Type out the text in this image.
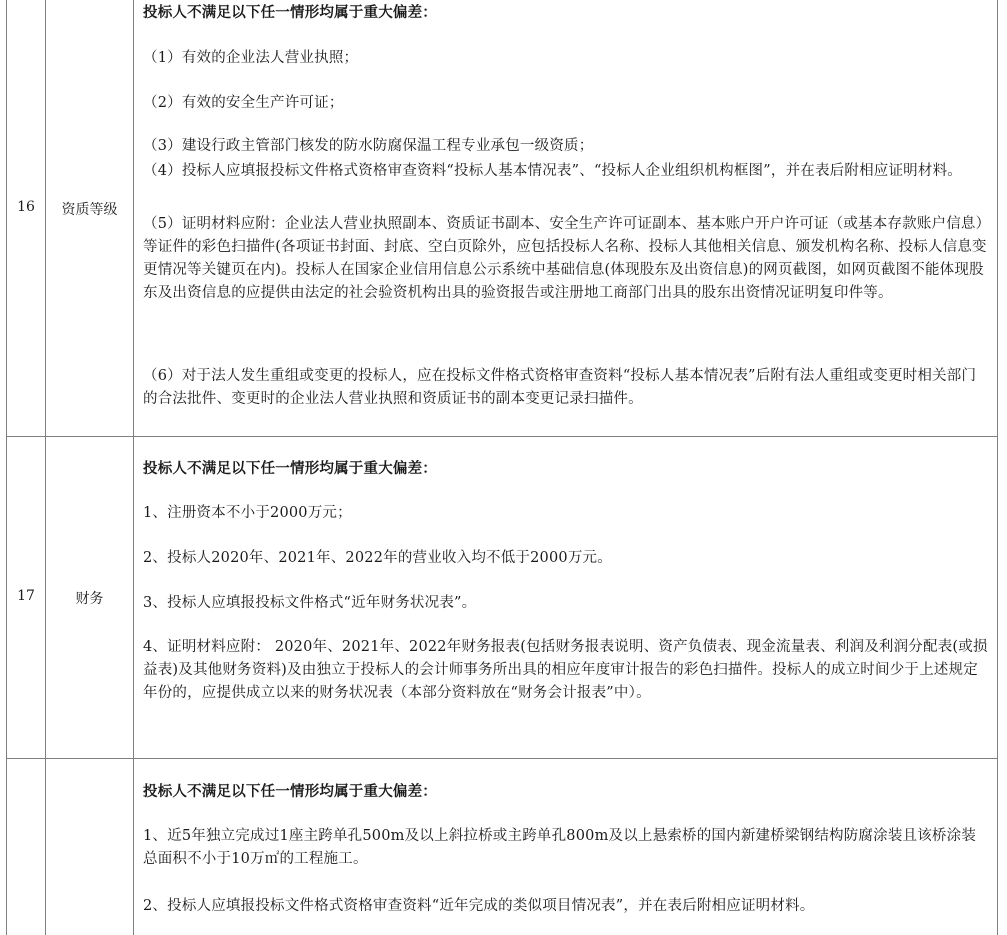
16	资质等级

投标人不满足以下任一情形均属于重大偏差：

（1）有效的企业法人营业执照；

（2）有效的安全生产许可证；

（3）建设行政主管部门核发的防水防腐保温工程专业承包一级资质；

（4）投标人应填报投标文件格式资格审查资料“投标人基本情况表”、“投标人企业组织机构框图”，并在表后附相应证明材料。

（5）证明材料应附：企业法人营业执照副本、资质证书副本、安全生产许可证副本、基本账户开户许可证（或基本存款账户信息）等证件的彩色扫描件(各项证书封面、封底、空白页除外，应包括投标人名称、投标人其他相关信息、颁发机构名称、投标人信息变更情况等关键页在内)。投标人在国家企业信用信息公示系统中基础信息(体现股东及出资信息)的网页截图，如网页截图不能体现股东及出资信息的应提供由法定的社会验资机构出具的验资报告或注册地工商部门出具的股东出资情况证明复印件等。

（6）对于法人发生重组或变更的投标人，应在投标文件格式资格审查资料“投标人基本情况表”后附有法人重组或变更时相关部门的合法批件、变更时的企业法人营业执照和资质证书的副本变更记录扫描件。

17	财务

投标人不满足以下任一情形均属于重大偏差：

1、注册资本不小于2000万元；

2、投标人2020年、2021年、2022年的营业收入均不低于2000万元。

3、投标人应填报投标文件格式“近年财务状况表”。

4、证明材料应附： 2020年、2021年、2022年财务报表(包括财务报表说明、资产负债表、现金流量表、利润及利润分配表(或损益表)及其他财务资料)及由独立于投标人的会计师事务所出具的相应年度审计报告的彩色扫描件。投标人的成立时间少于上述规定年份的，应提供成立以来的财务状况表（本部分资料放在“财务会计报表”中）。

投标人不满足以下任一情形均属于重大偏差：

1、近5年独立完成过1座主跨单孔500m及以上斜拉桥或主跨单孔800m及以上悬索桥的国内新建桥梁钢结构防腐涂装且该桥涂装总面积不小于10万㎡的工程施工。

2、投标人应填报投标文件格式资格审查资料“近年完成的类似项目情况表”，并在表后附相应证明材料。
